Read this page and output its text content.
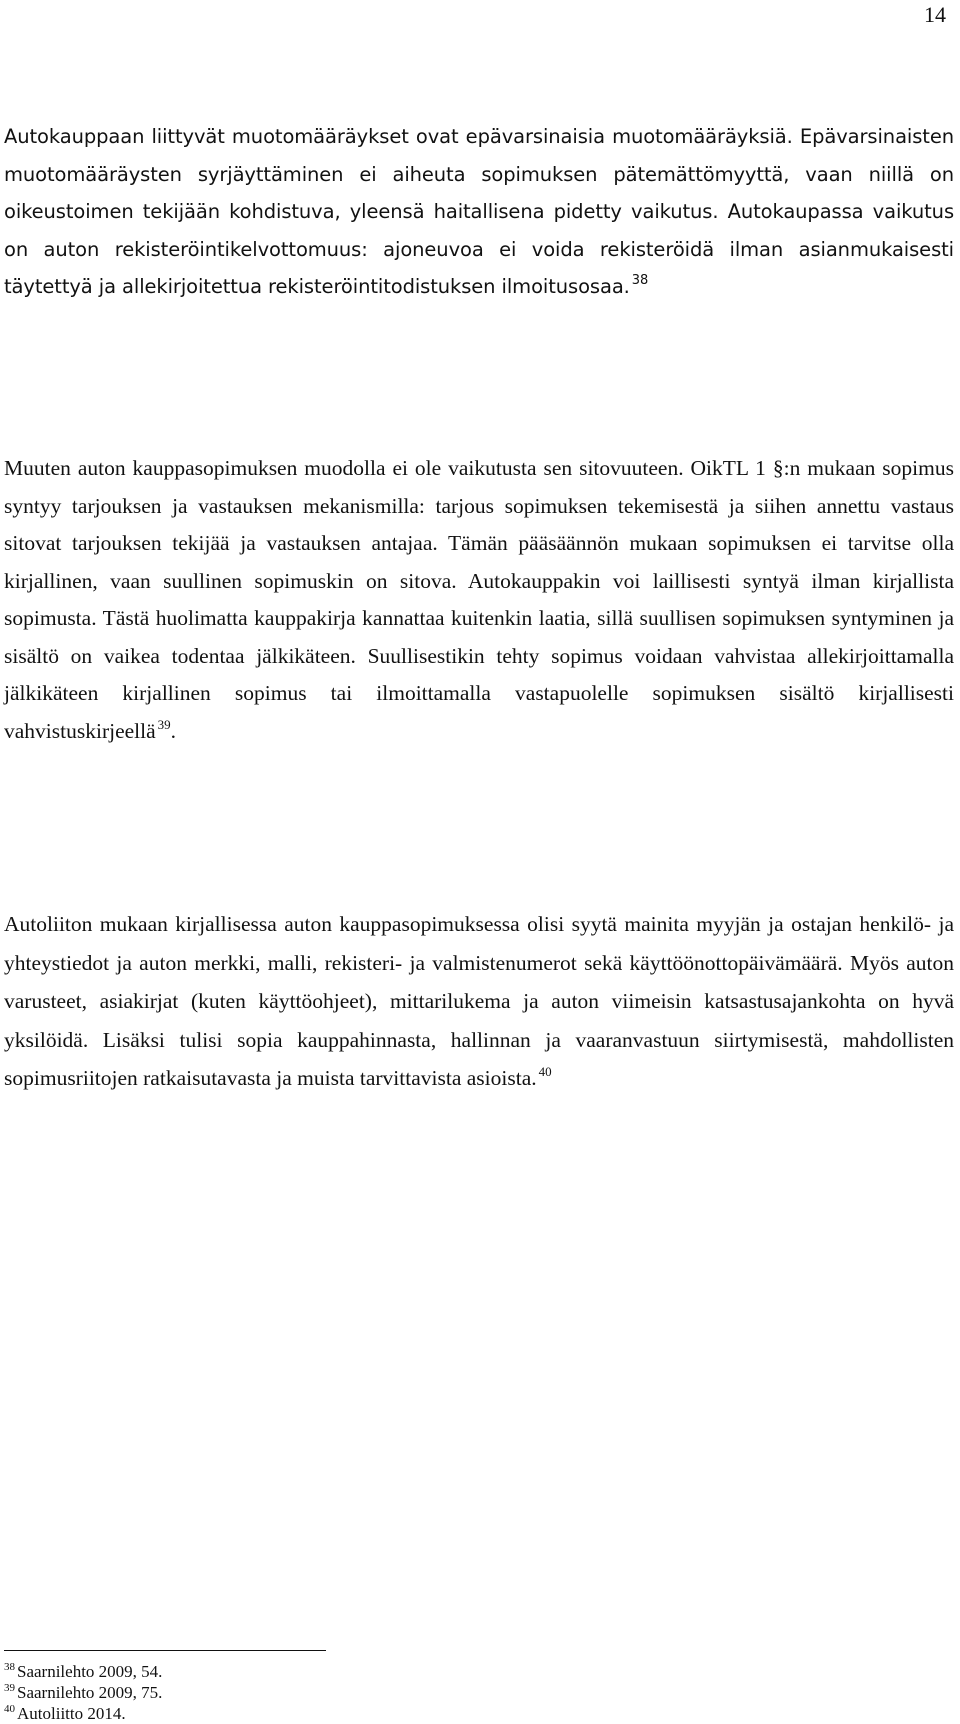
14

Autokauppaan liittyvät muotomääräykset ovat epävarsinaisia muotomääräyksiä. Epävarsinaisten muotomääräysten syrjäyttäminen ei aiheuta sopimuksen pätemättömyyttä, vaan niillä on oikeustoimen tekijään kohdistuva, yleensä haitallisena pidetty vaikutus. Autokaupassa vaikutus on auton rekisteröintikelvottomuus: ajoneuvoa ei voida rekisteröidä ilman asianmukaisesti täytettyä ja allekirjoitettua rekisteröintitodistuksen ilmoitusosaa. $^{38}$

Muuten auton kauppasopimuksen muodolla ei ole vaikutusta sen sitovuuteen. OikTL 1 §:n mukaan sopimus syntyy tarjouksen ja vastauksen mekanismilla: tarjous sopimuksen tekemisestä ja siihen annettu vastaus sitovat tarjouksen tekijää ja vastauksen antajaa. Tämän pääsäännön mukaan sopimuksen ei tarvitse olla kirjallinen, vaan suullinen sopimuskin on sitova. Autokauppakin voi laillisesti syntyä ilman kirjallista sopimusta. Tästä huolimatta kauppakirja kannattaa kuitenkin laatia, sillä suullisen sopimuksen syntyminen ja sisältö on vaikea todentaa jälkikäteen. Suullisestikin tehty sopimus voidaan vahvistaa allekirjoittamalla jälkikäteen kirjallinen sopimus tai ilmoittamalla vastapuolelle sopimuksen sisältö kirjallisesti vahvistuskirjeellä $^{39}$.

Autoliiton mukaan kirjallisessa auton kauppasopimuksessa olisi syytä mainita myyjän ja ostajan henkilö- ja yhteystiedot ja auton merkki, malli, rekisteri- ja valmistenumerot sekä käyttöönottopäivämäärä. Myös auton varusteet, asiakirjat (kuten käyttöohjeet), mittarilukema ja auton viimeisin katsastusajankohta on hyvä yksilöidä. Lisäksi tulisi sopia kauppahinnasta, hallinnan ja vaaranvastuun siirtymisestä, mahdollisten sopimusriitojen ratkaisutavasta ja muista tarvittavista asioista. $^{40}$

$^{38}$ Saarnilehto 2009, 54.
$^{39}$ Saarnilehto 2009, 75.
$^{40}$ Autoliitto 2014.
